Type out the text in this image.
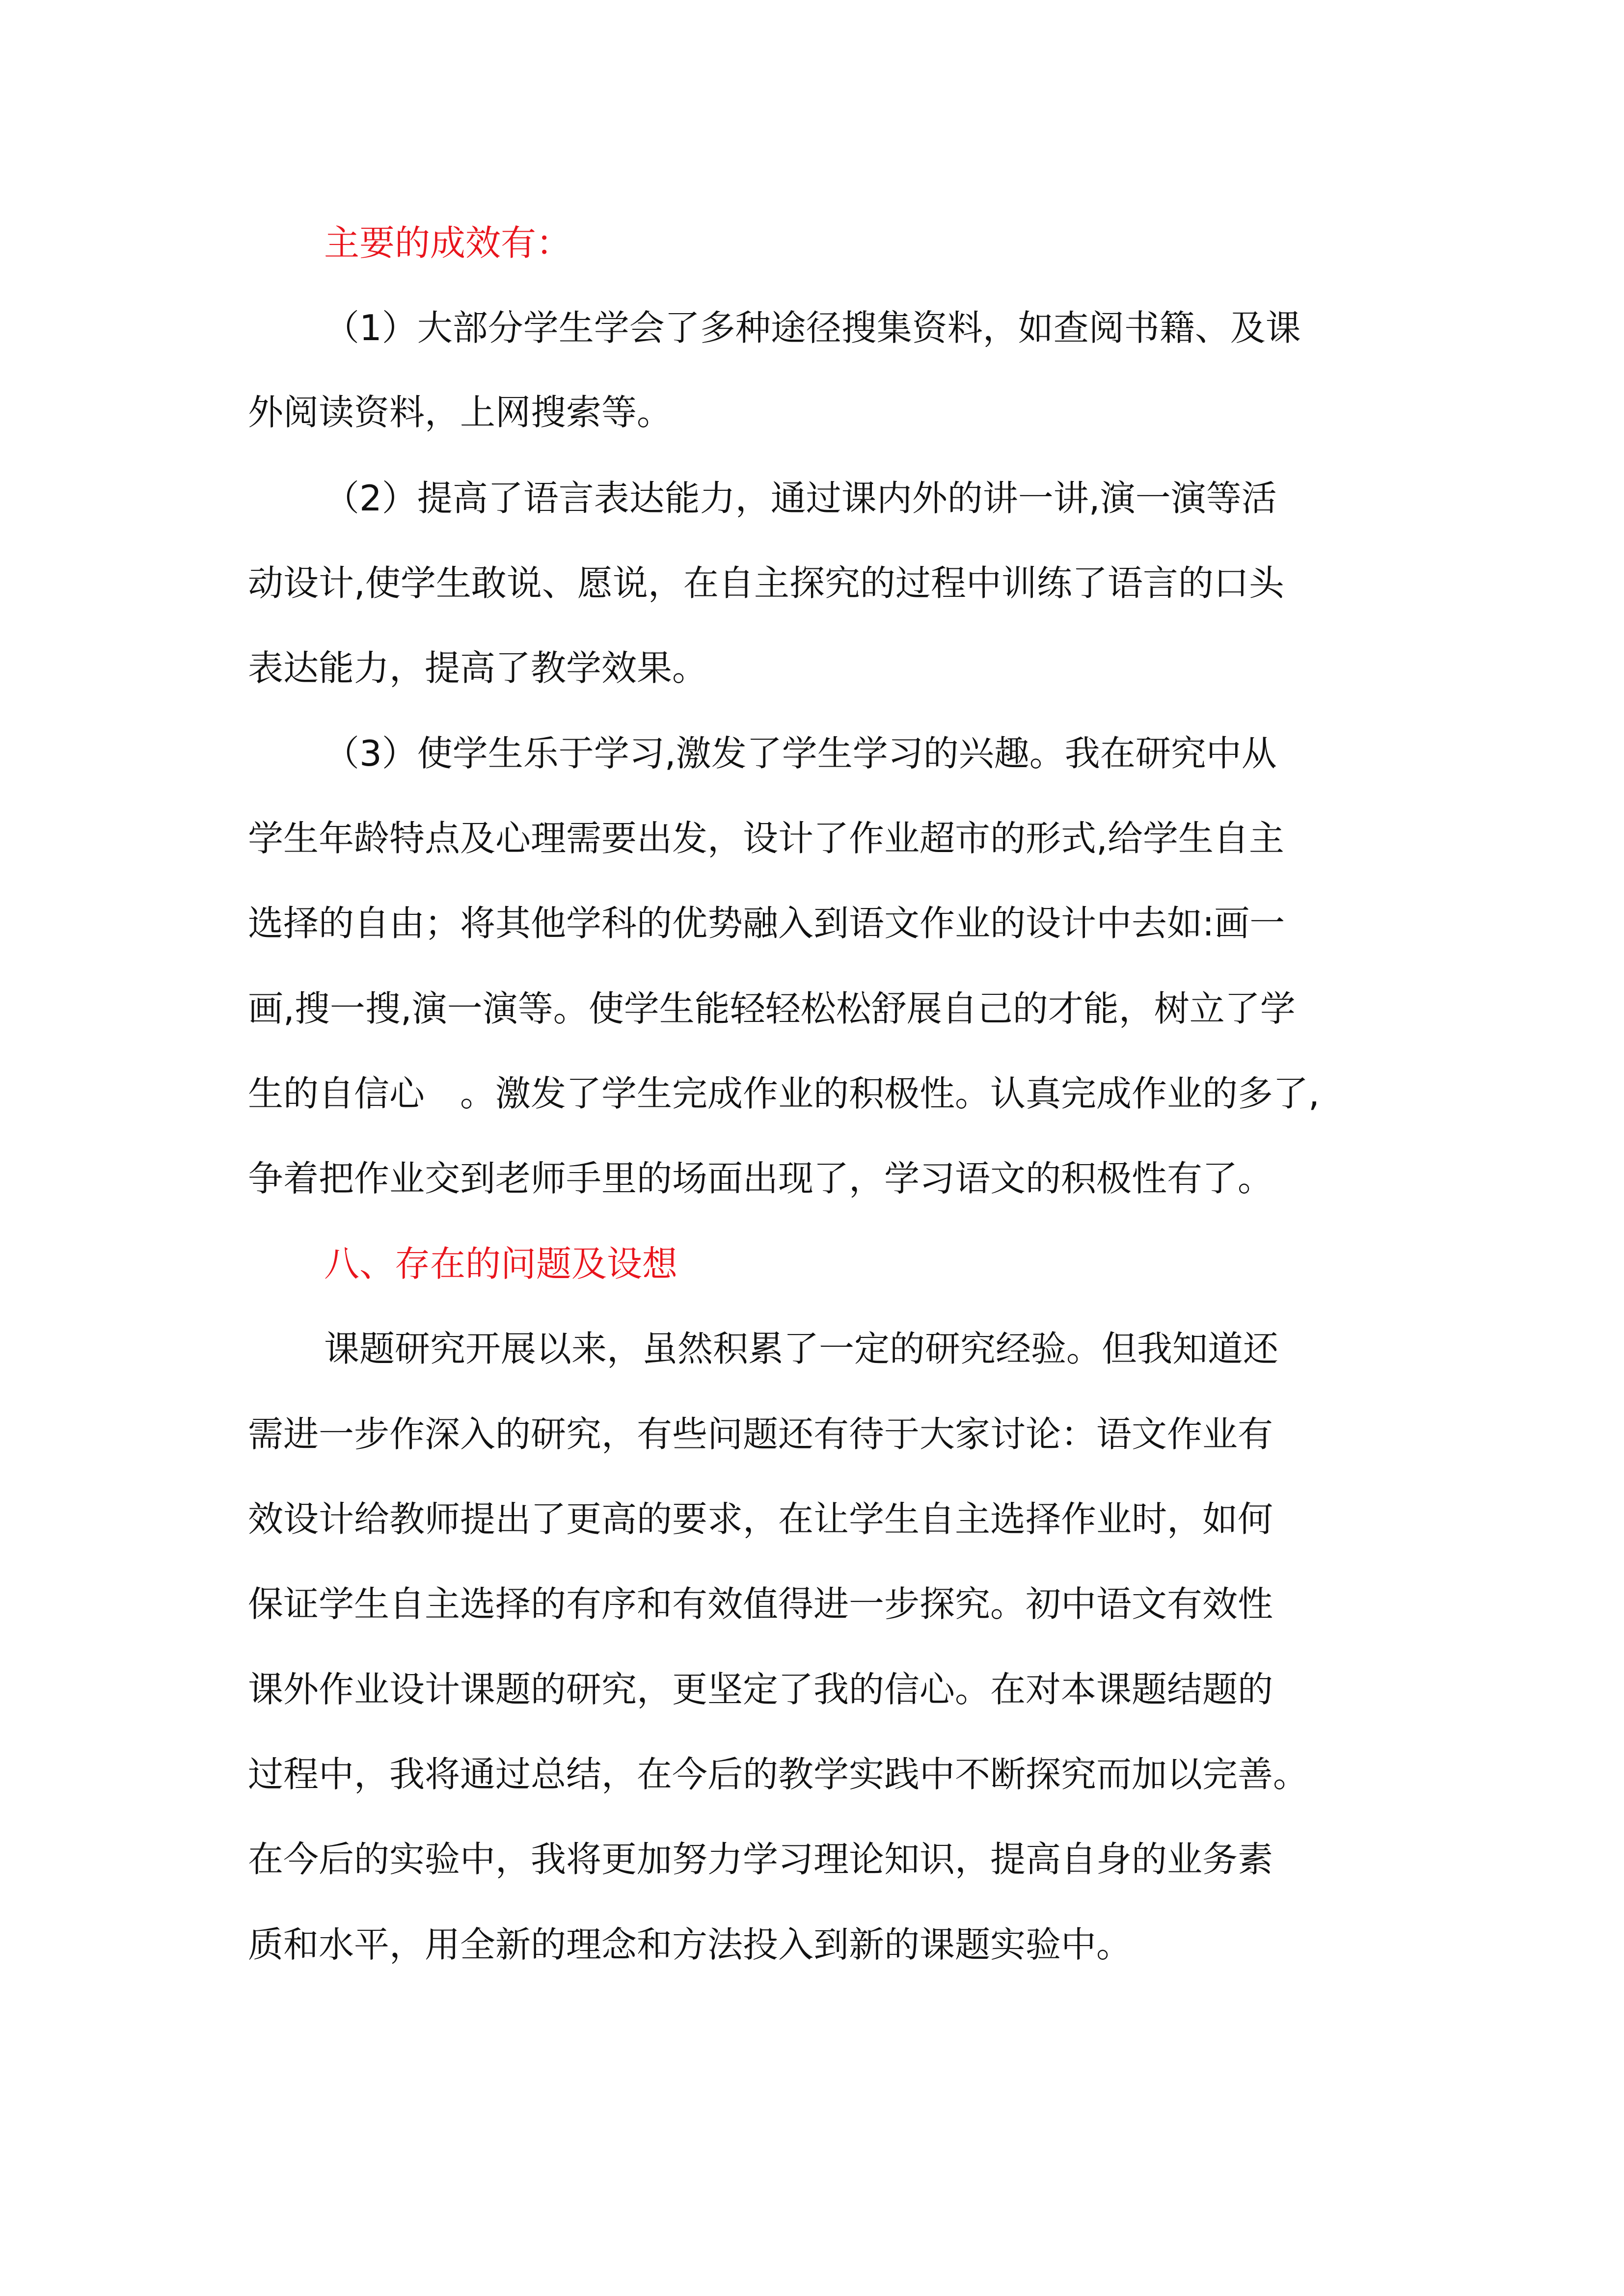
主要的成效有：
（1）大部分学生学会了多种途径搜集资料，如查阅书籍、及课
外阅读资料，上网搜索等。
（2）提高了语言表达能力，通过课内外的讲一讲,演一演等活
动设计,使学生敢说、愿说，在自主探究的过程中训练了语言的口头
表达能力，提高了教学效果。
（3）使学生乐于学习,激发了学生学习的兴趣。我在研究中从
学生年龄特点及心理需要出发，设计了作业超市的形式,给学生自主
选择的自由；将其他学科的优势融入到语文作业的设计中去如:画一
画,搜一搜,演一演等。使学生能轻轻松松舒展自己的才能，树立了学
生的自信心　。激发了学生完成作业的积极性。认真完成作业的多了,
争着把作业交到老师手里的场面出现了，学习语文的积极性有了。
八、存在的问题及设想
课题研究开展以来，虽然积累了一定的研究经验。但我知道还
需进一步作深入的研究，有些问题还有待于大家讨论：语文作业有
效设计给教师提出了更高的要求，在让学生自主选择作业时，如何
保证学生自主选择的有序和有效值得进一步探究。初中语文有效性
课外作业设计课题的研究，更坚定了我的信心。在对本课题结题的
过程中，我将通过总结，在今后的教学实践中不断探究而加以完善。
在今后的实验中，我将更加努力学习理论知识，提高自身的业务素
质和水平，用全新的理念和方法投入到新的课题实验中。
